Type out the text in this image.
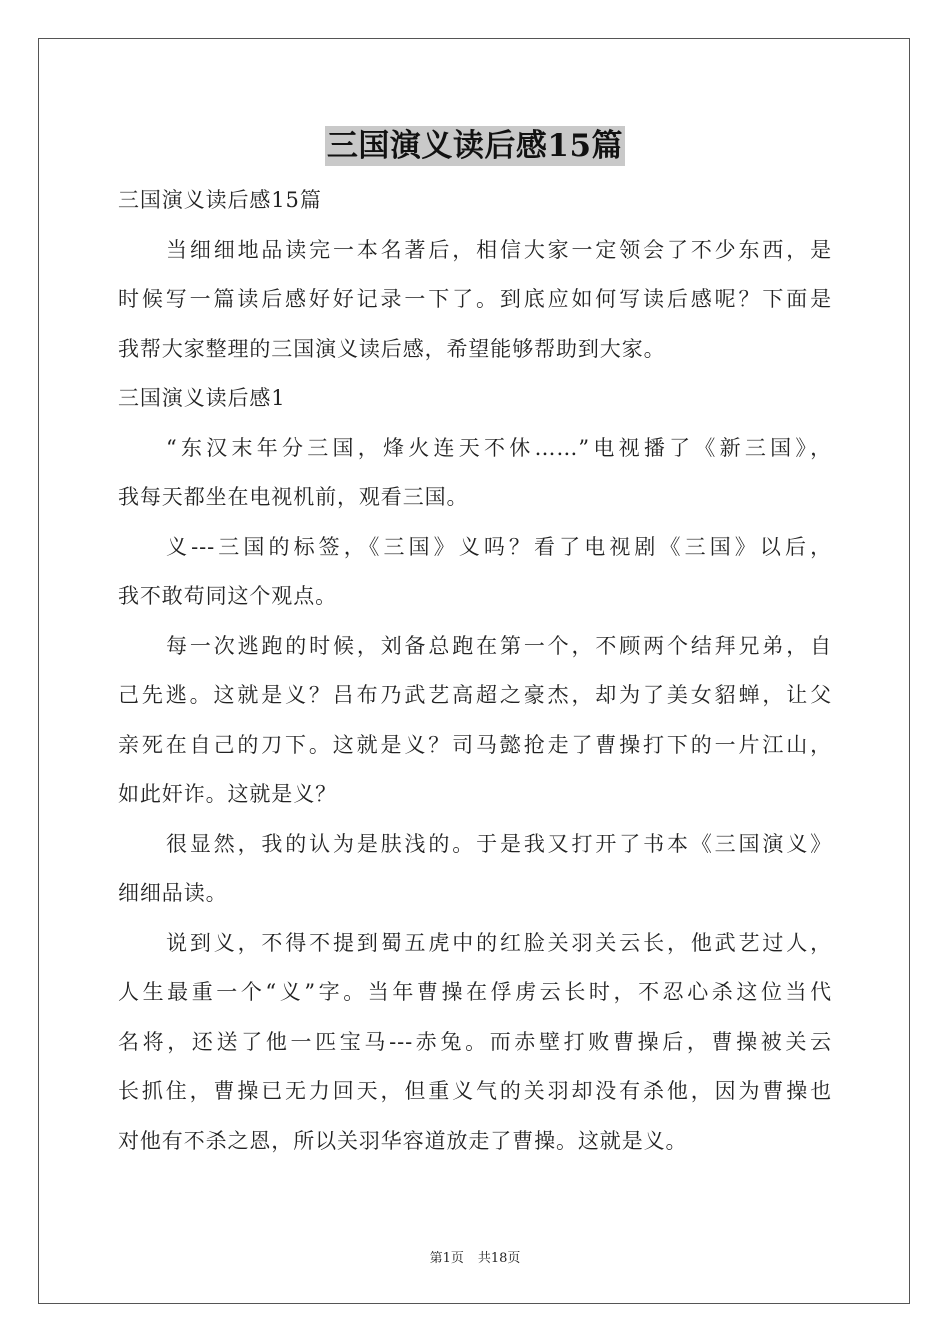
三国演义读后感15篇
三国演义读后感15篇
当细细地品读完一本名著后，相信大家一定领会了不少东西，是
时候写一篇读后感好好记录一下了。到底应如何写读后感呢？下面是
我帮大家整理的三国演义读后感，希望能够帮助到大家。
三国演义读后感1
“东汉末年分三国，烽火连天不休……”电视播了《新三国》，
我每天都坐在电视机前，观看三国。
义---三国的标签，《三国》义吗？看了电视剧《三国》以后，
我不敢苟同这个观点。
每一次逃跑的时候，刘备总跑在第一个，不顾两个结拜兄弟，自
己先逃。这就是义？吕布乃武艺高超之豪杰，却为了美女貂蝉，让父
亲死在自己的刀下。这就是义？司马懿抢走了曹操打下的一片江山，
如此奸诈。这就是义？
很显然，我的认为是肤浅的。于是我又打开了书本《三国演义》
细细品读。
说到义，不得不提到蜀五虎中的红脸关羽关云长，他武艺过人，
人生最重一个“义”字。当年曹操在俘虏云长时，不忍心杀这位当代
名将，还送了他一匹宝马---赤兔。而赤壁打败曹操后，曹操被关云
长抓住，曹操已无力回天，但重义气的关羽却没有杀他，因为曹操也
对他有不杀之恩，所以关羽华容道放走了曹操。这就是义。
第1页 共18页
